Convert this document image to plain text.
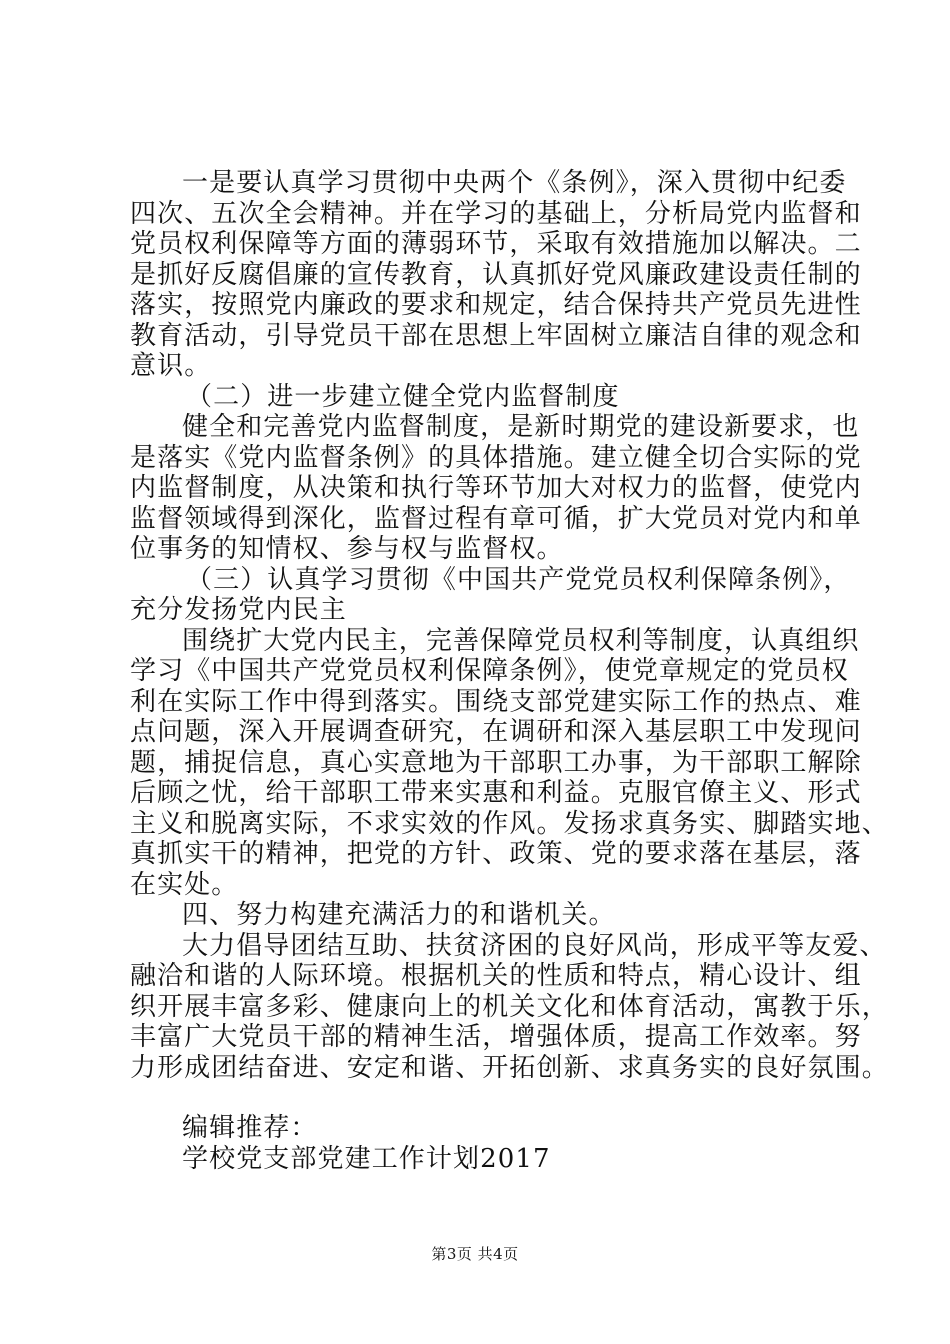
一是要认真学习贯彻中央两个《条例》，深入贯彻中纪委
四次、五次全会精神。并在学习的基础上，分析局党内监督和
党员权利保障等方面的薄弱环节，采取有效措施加以解决。二
是抓好反腐倡廉的宣传教育，认真抓好党风廉政建设责任制的
落实，按照党内廉政的要求和规定，结合保持共产党员先进性
教育活动，引导党员干部在思想上牢固树立廉洁自律的观念和
意识。
（二）进一步建立健全党内监督制度
健全和完善党内监督制度，是新时期党的建设新要求，也
是落实《党内监督条例》的具体措施。建立健全切合实际的党
内监督制度，从决策和执行等环节加大对权力的监督，使党内
监督领域得到深化，监督过程有章可循，扩大党员对党内和单
位事务的知情权、参与权与监督权。
（三）认真学习贯彻《中国共产党党员权利保障条例》，
充分发扬党内民主
围绕扩大党内民主，完善保障党员权利等制度，认真组织
学习《中国共产党党员权利保障条例》，使党章规定的党员权
利在实际工作中得到落实。围绕支部党建实际工作的热点、难
点问题，深入开展调查研究，在调研和深入基层职工中发现问
题，捕捉信息，真心实意地为干部职工办事，为干部职工解除
后顾之忧，给干部职工带来实惠和利益。克服官僚主义、形式
主义和脱离实际，不求实效的作风。发扬求真务实、脚踏实地、
真抓实干的精神，把党的方针、政策、党的要求落在基层，落
在实处。
四、努力构建充满活力的和谐机关。
大力倡导团结互助、扶贫济困的良好风尚，形成平等友爱、
融洽和谐的人际环境。根据机关的性质和特点，精心设计、组
织开展丰富多彩、健康向上的机关文化和体育活动，寓教于乐，
丰富广大党员干部的精神生活，增强体质，提高工作效率。努
力形成团结奋进、安定和谐、开拓创新、求真务实的良好氛围。
编辑推荐：
学校党支部党建工作计划2017
第3页 共4页
